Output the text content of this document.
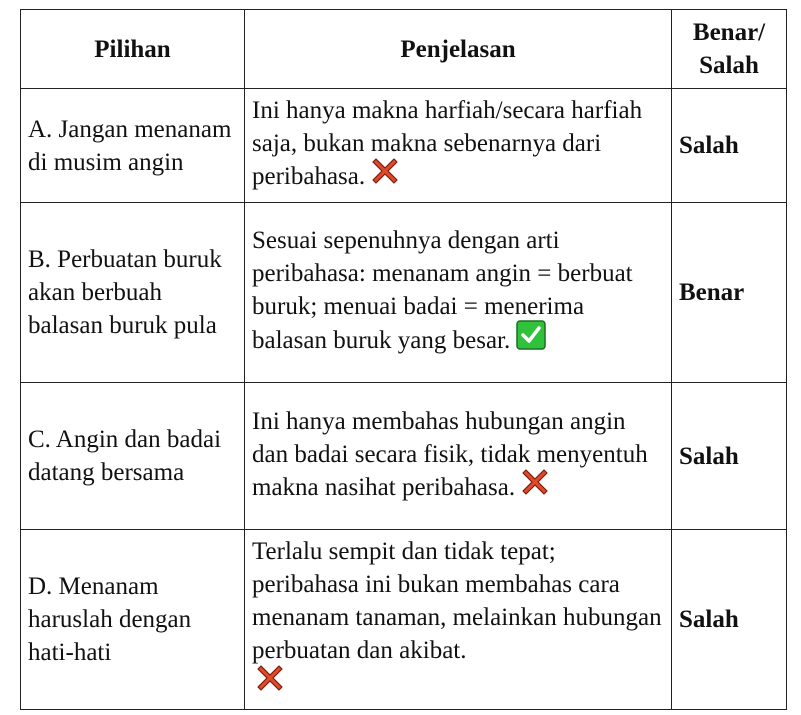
Pilihan	Penjelasan	Benar/
Salah
A. Jangan menanam di musim angin	Ini hanya makna harfiah/secara harfiah saja, bukan makna sebenarnya dari peribahasa.	Salah
B. Perbuatan buruk akan berbuah balasan buruk pula	Sesuai sepenuhnya dengan arti peribahasa: menanam angin = berbuat buruk; menuai badai = menerima balasan buruk yang besar.	Benar
C. Angin dan badai datang bersama	Ini hanya membahas hubungan angin dan badai secara fisik, tidak menyentuh makna nasihat peribahasa.	Salah
D. Menanam haruslah dengan hati-hati	Terlalu sempit dan tidak tepat; peribahasa ini bukan membahas cara menanam tanaman, melainkan hubungan perbuatan dan akibat.	Salah
